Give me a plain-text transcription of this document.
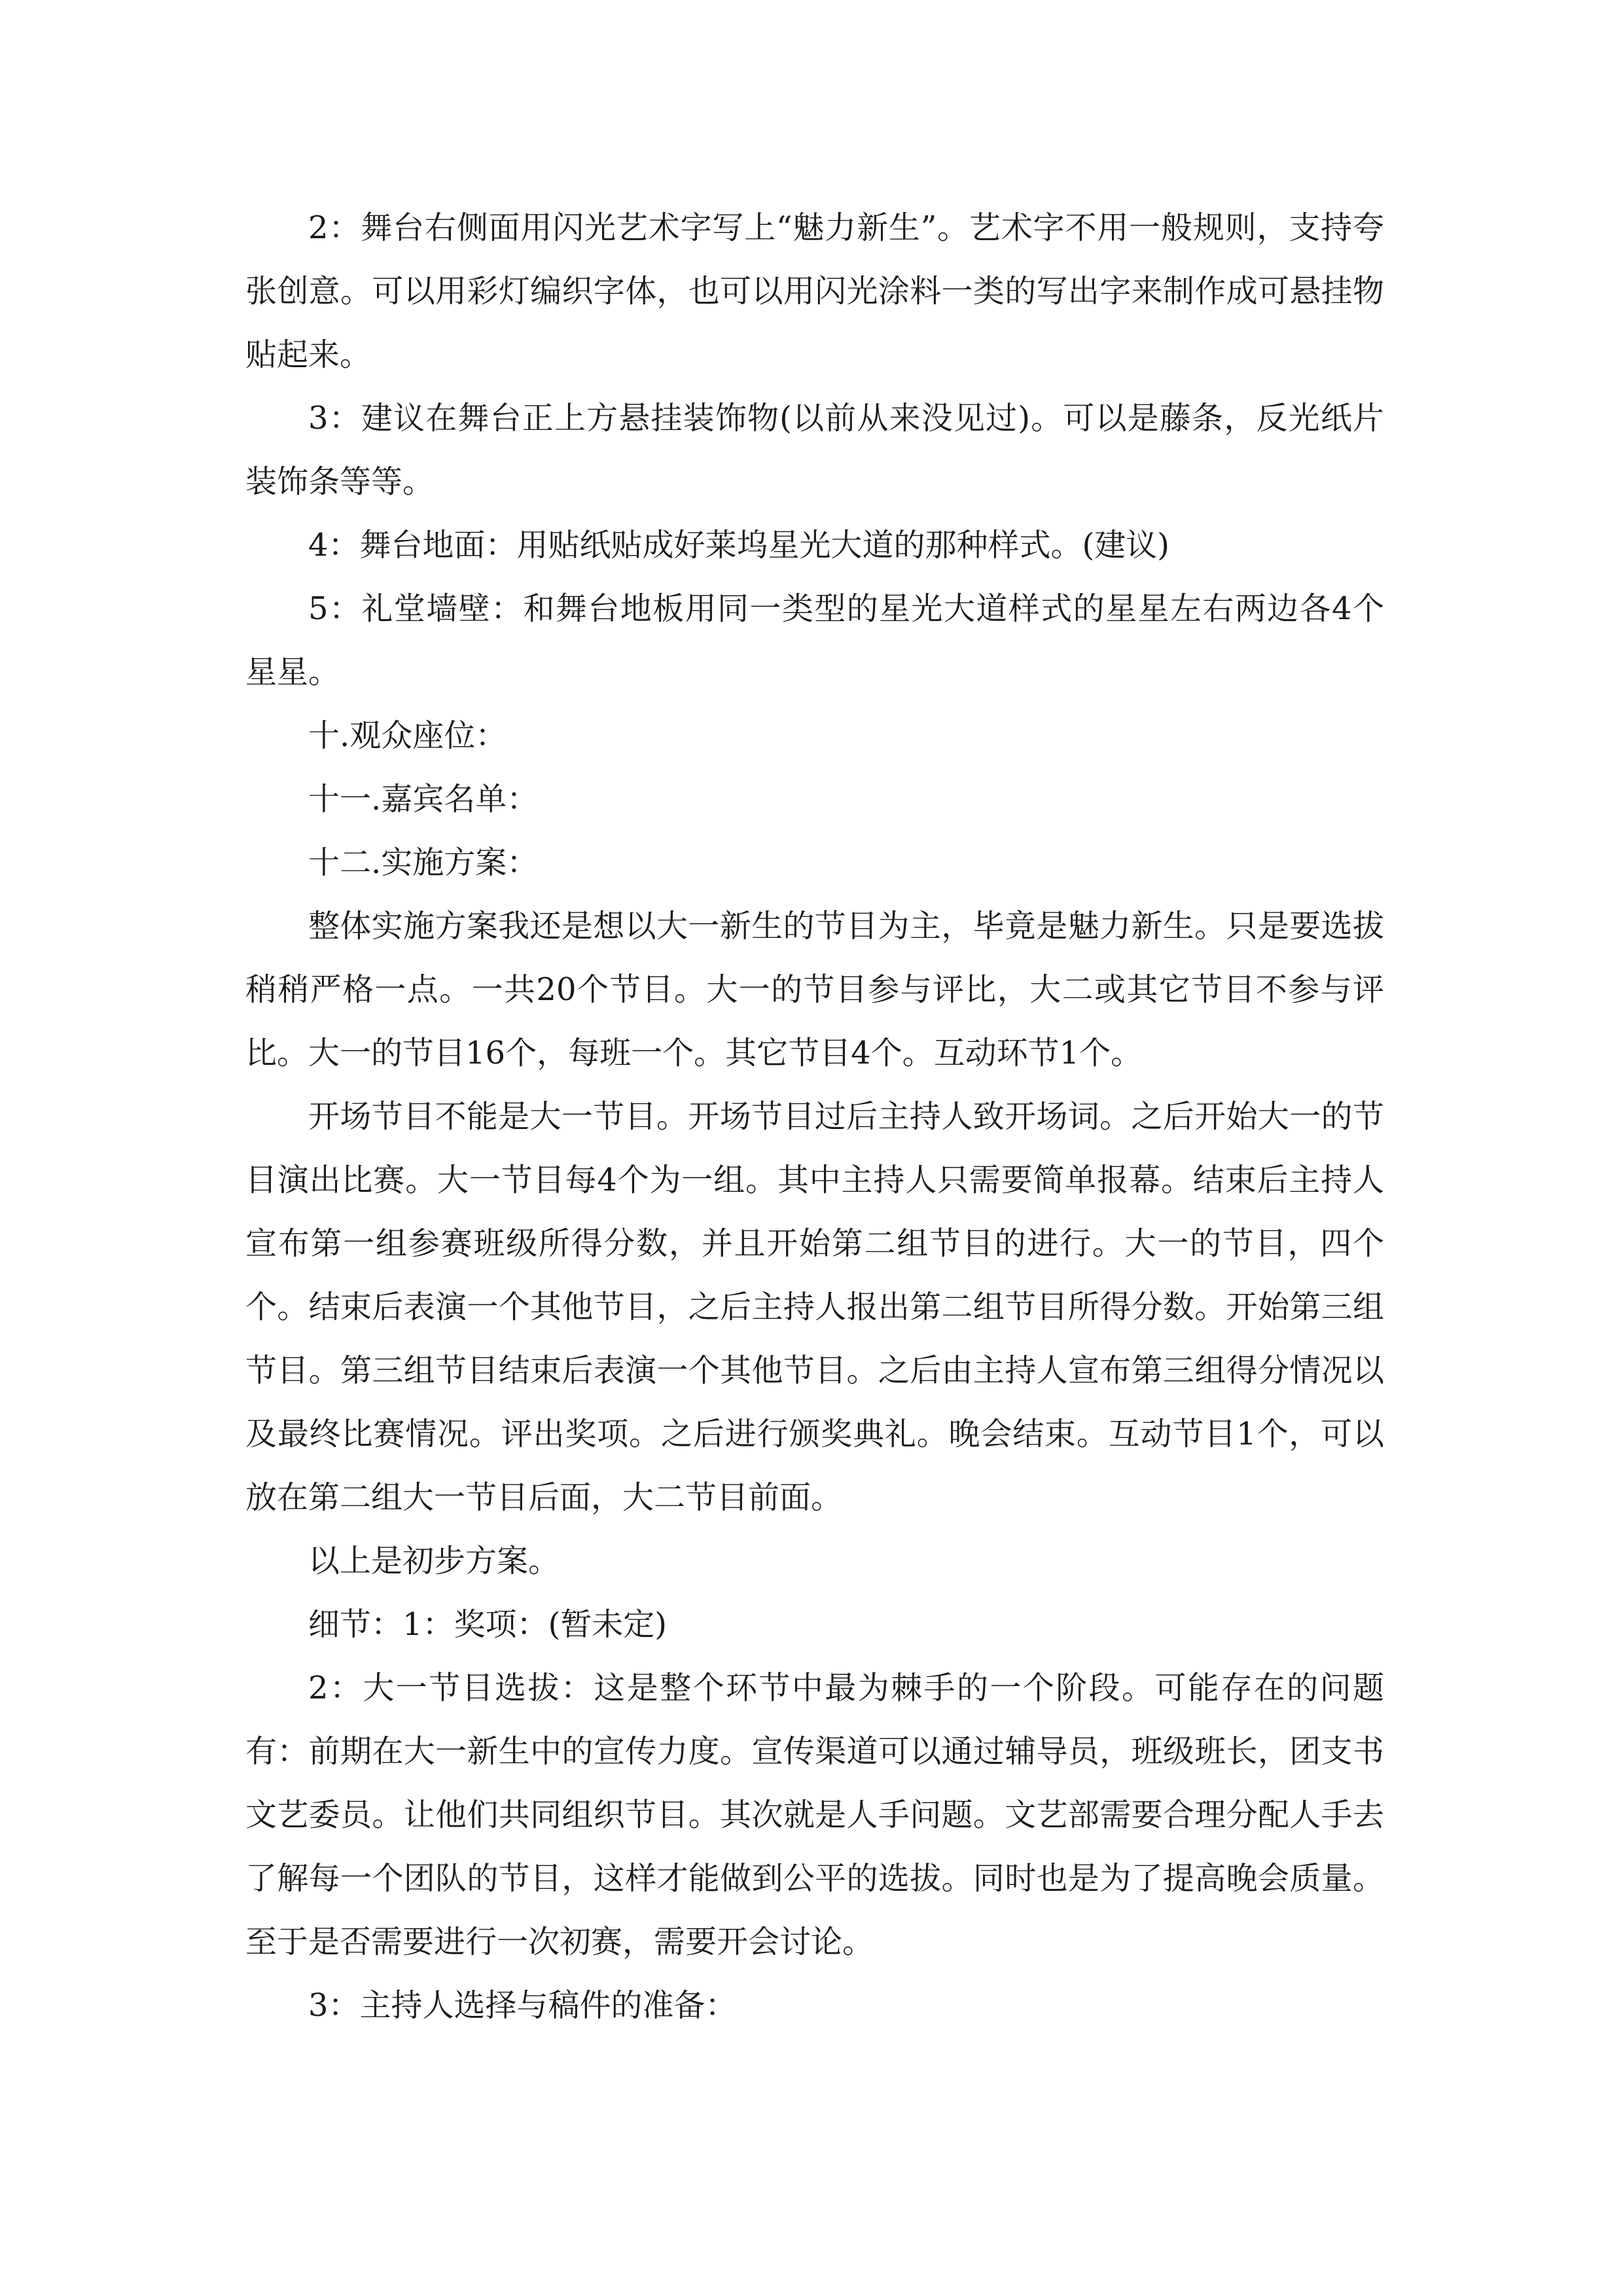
2：舞台右侧面用闪光艺术字写上“魅力新生”。艺术字不用一般规则，支持夸张创意。可以用彩灯编织字体，也可以用闪光涂料一类的写出字来制作成可悬挂物贴起来。

3：建议在舞台正上方悬挂装饰物(以前从来没见过)。可以是藤条，反光纸片装饰条等等。

4：舞台地面：用贴纸贴成好莱坞星光大道的那种样式。(建议)

5：礼堂墙壁：和舞台地板用同一类型的星光大道样式的星星左右两边各4个星星。

十.观众座位：

十一.嘉宾名单：

十二.实施方案：

整体实施方案我还是想以大一新生的节目为主，毕竟是魅力新生。只是要选拔稍稍严格一点。一共20个节目。大一的节目参与评比，大二或其它节目不参与评比。大一的节目16个，每班一个。其它节目4个。互动环节1个。

开场节目不能是大一节目。开场节目过后主持人致开场词。之后开始大一的节目演出比赛。大一节目每4个为一组。其中主持人只需要简单报幕。结束后主持人宣布第一组参赛班级所得分数，并且开始第二组节目的进行。大一的节目，四个个。结束后表演一个其他节目，之后主持人报出第二组节目所得分数。开始第三组节目。第三组节目结束后表演一个其他节目。之后由主持人宣布第三组得分情况以及最终比赛情况。评出奖项。之后进行颁奖典礼。晚会结束。互动节目1个，可以放在第二组大一节目后面，大二节目前面。

以上是初步方案。

细节：1：奖项：(暂未定)

2：大一节目选拔：这是整个环节中最为棘手的一个阶段。可能存在的问题有：前期在大一新生中的宣传力度。宣传渠道可以通过辅导员，班级班长，团支书文艺委员。让他们共同组织节目。其次就是人手问题。文艺部需要合理分配人手去了解每一个团队的节目，这样才能做到公平的选拔。同时也是为了提高晚会质量。至于是否需要进行一次初赛，需要开会讨论。

3：主持人选择与稿件的准备：
